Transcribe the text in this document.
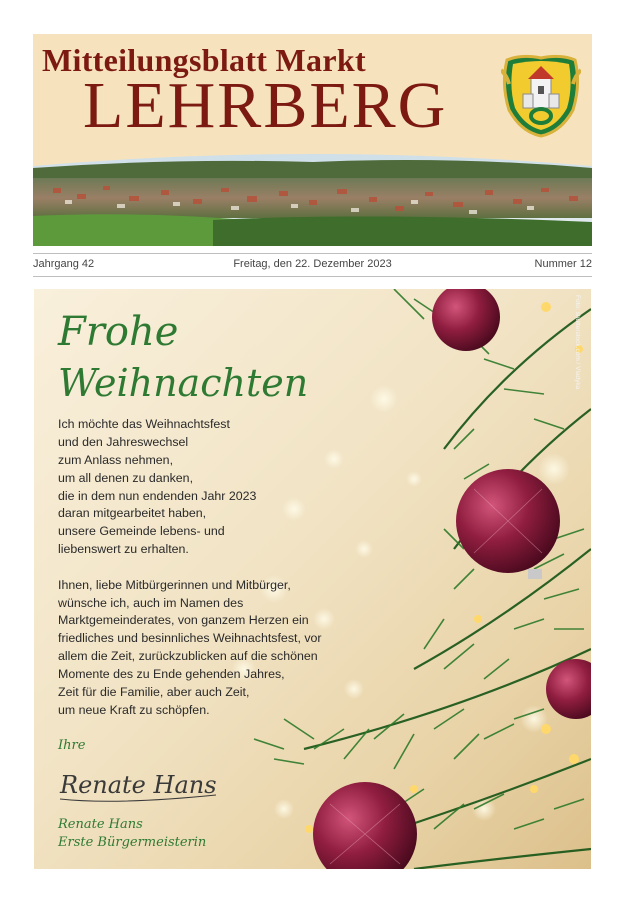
Mitteilungsblatt Markt
LEHRBERG
Jahrgang 42	Freitag, den 22. Dezember 2023	Nummer 12
Foto: shutterstock.com / Vladyka
Frohe
Weihnachten
Ich möchte das Weihnachtsfest
und den Jahreswechsel
zum Anlass nehmen,
um all denen zu danken,
die in dem nun endenden Jahr 2023
daran mitgearbeitet haben,
unsere Gemeinde lebens- und
liebenswert zu erhalten.
Ihnen, liebe Mitbürgerinnen und Mitbürger,
wünsche ich, auch im Namen des
Marktgemeinderates, von ganzem Herzen ein
friedliches und besinnliches Weihnachtsfest, vor
allem die Zeit, zurückzublicken auf die schönen
Momente des zu Ende gehenden Jahres,
Zeit für die Familie, aber auch Zeit,
um neue Kraft zu schöpfen.
Ihre
Renate Hans
Renate Hans
Erste Bürgermeisterin
